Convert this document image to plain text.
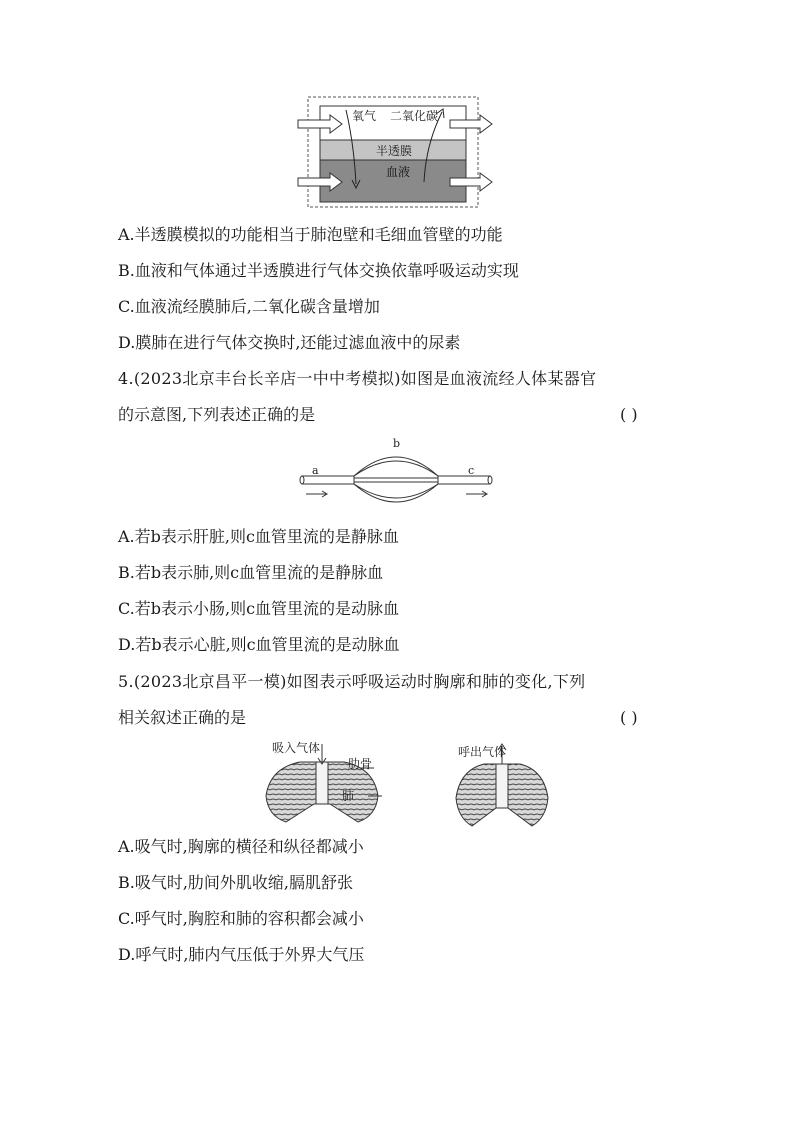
氧气 二氧化碳
半透膜
血液
A.半透膜模拟的功能相当于肺泡壁和毛细血管壁的功能
B.血液和气体通过半透膜进行气体交换依靠呼吸运动实现
C.血液流经膜肺后,二氧化碳含量增加
D.膜肺在进行气体交换时,还能过滤血液中的尿素
4.(2023北京丰台长辛店一中中考模拟)如图是血液流经人体某器官
的示意图,下列表述正确的是	( )
a
b
c
A.若b表示肝脏,则c血管里流的是静脉血
B.若b表示肺,则c血管里流的是静脉血
C.若b表示小肠,则c血管里流的是动脉血
D.若b表示心脏,则c血管里流的是动脉血
5.(2023北京昌平一模)如图表示呼吸运动时胸廓和肺的变化,下列
相关叙述正确的是	( )
吸入气体
肋骨
肺
呼出气体
A.吸气时,胸廓的横径和纵径都减小
B.吸气时,肋间外肌收缩,膈肌舒张
C.呼气时,胸腔和肺的容积都会减小
D.呼气时,肺内气压低于外界大气压
